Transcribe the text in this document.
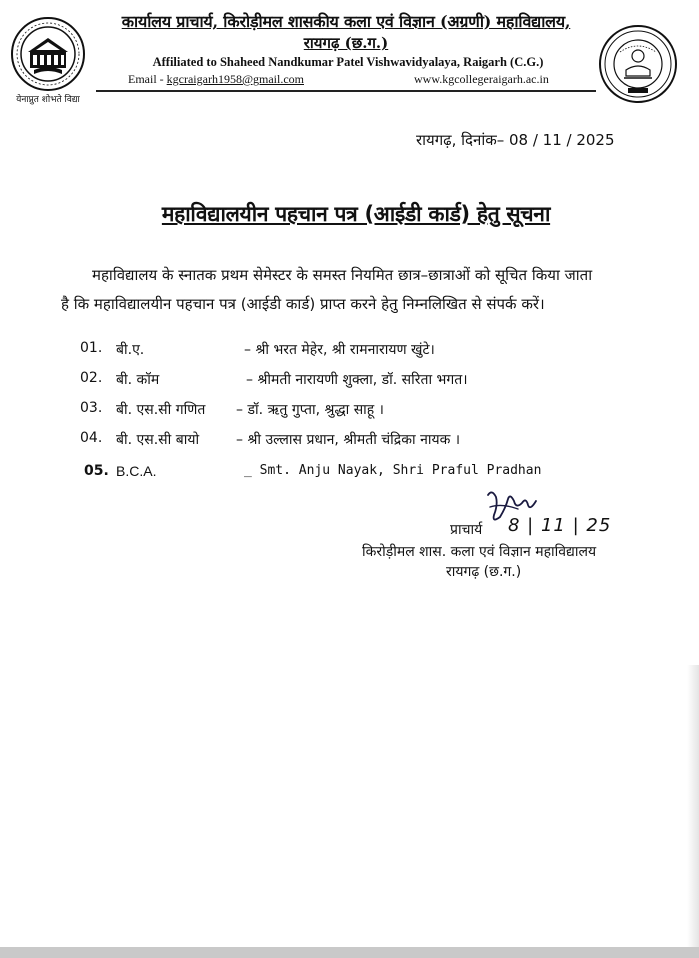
येनाप्नुत शोभते विद्या
कार्यालय प्राचार्य, किरोड़ीमल शासकीय कला एवं विज्ञान (अग्रणी) महाविद्यालय,
रायगढ़ (छ.ग.)
Affiliated to Shaheed Nandkumar Patel Vishwavidyalaya, Raigarh (C.G.)
Email - kgcraigarh1958@gmail.com	www.kgcollegeraigarh.ac.in
रायगढ़, दिनांक– 08 / 11 / 2025
महाविद्यालयीन पहचान पत्र (आईडी कार्ड) हेतु सूचना
महाविद्यालय के स्नातक प्रथम सेमेस्टर के समस्त नियमित छात्र–छात्राओं को सूचित किया जाता
है कि महाविद्यालयीन पहचान पत्र (आईडी कार्ड) प्राप्त करने हेतु निम्नलिखित से संपर्क करें।
01. बी.ए.	– श्री भरत मेहेर, श्री रामनारायण खुंटे।
02. बी. कॉम	– श्रीमती नारायणी शुक्ला, डॉ. सरिता भगत।
03. बी. एस.सी गणित – डॉ. ऋतु गुप्ता, श्रुद्धा साहू ।
04. बी. एस.सी बायो	– श्री उल्लास प्रधान, श्रीमती चंद्रिका नायक ।
05. B.C.A.	_ Smt. Anju Nayak, Shri Praful Pradhan
प्राचार्य 8 | 11 | 25
किरोड़ीमल शास. कला एवं विज्ञान महाविद्यालय
रायगढ़ (छ.ग.)
